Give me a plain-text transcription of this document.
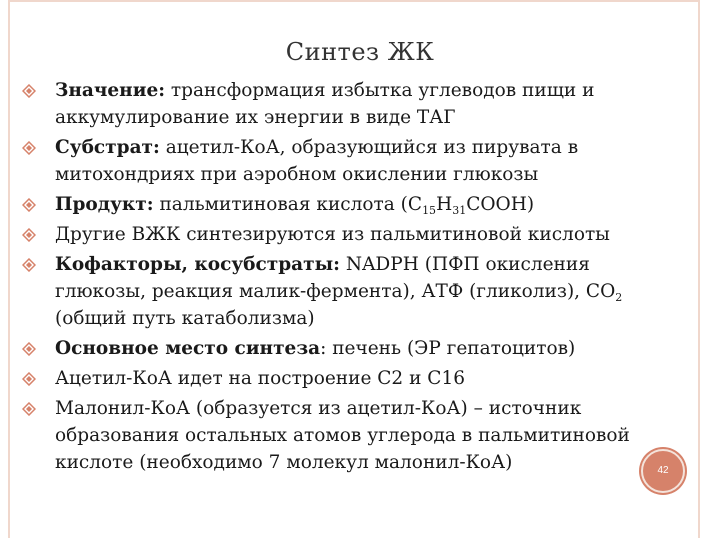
Синтез ЖК
Значение: трансформация избытка углеводов пищи и аккумулирование их энергии в виде ТАГ
Субстрат: ацетил-КоА, образующийся из пирувата в митохондриях при аэробном окислении глюкозы
Продукт: пальмитиновая кислота $(С_{15}Н_{31}СООН)$
Другие ВЖК синтезируются из пальмитиновой кислоты
Кофакторы, косубстраты: NADPH (ПФП окисления глюкозы, реакция малик-фермента), АТФ (гликолиз), $СО_2$ (общий путь катаболизма)
Основное место синтеза: печень (ЭР гепатоцитов)
Ацетил-КоА идет на построение С2 и С16
Малонил-КоА (образуется из ацетил-КоА) – источник образования остальных атомов углерода в пальмитиновой кислоте (необходимо 7 молекул малонил-КоА)	42
